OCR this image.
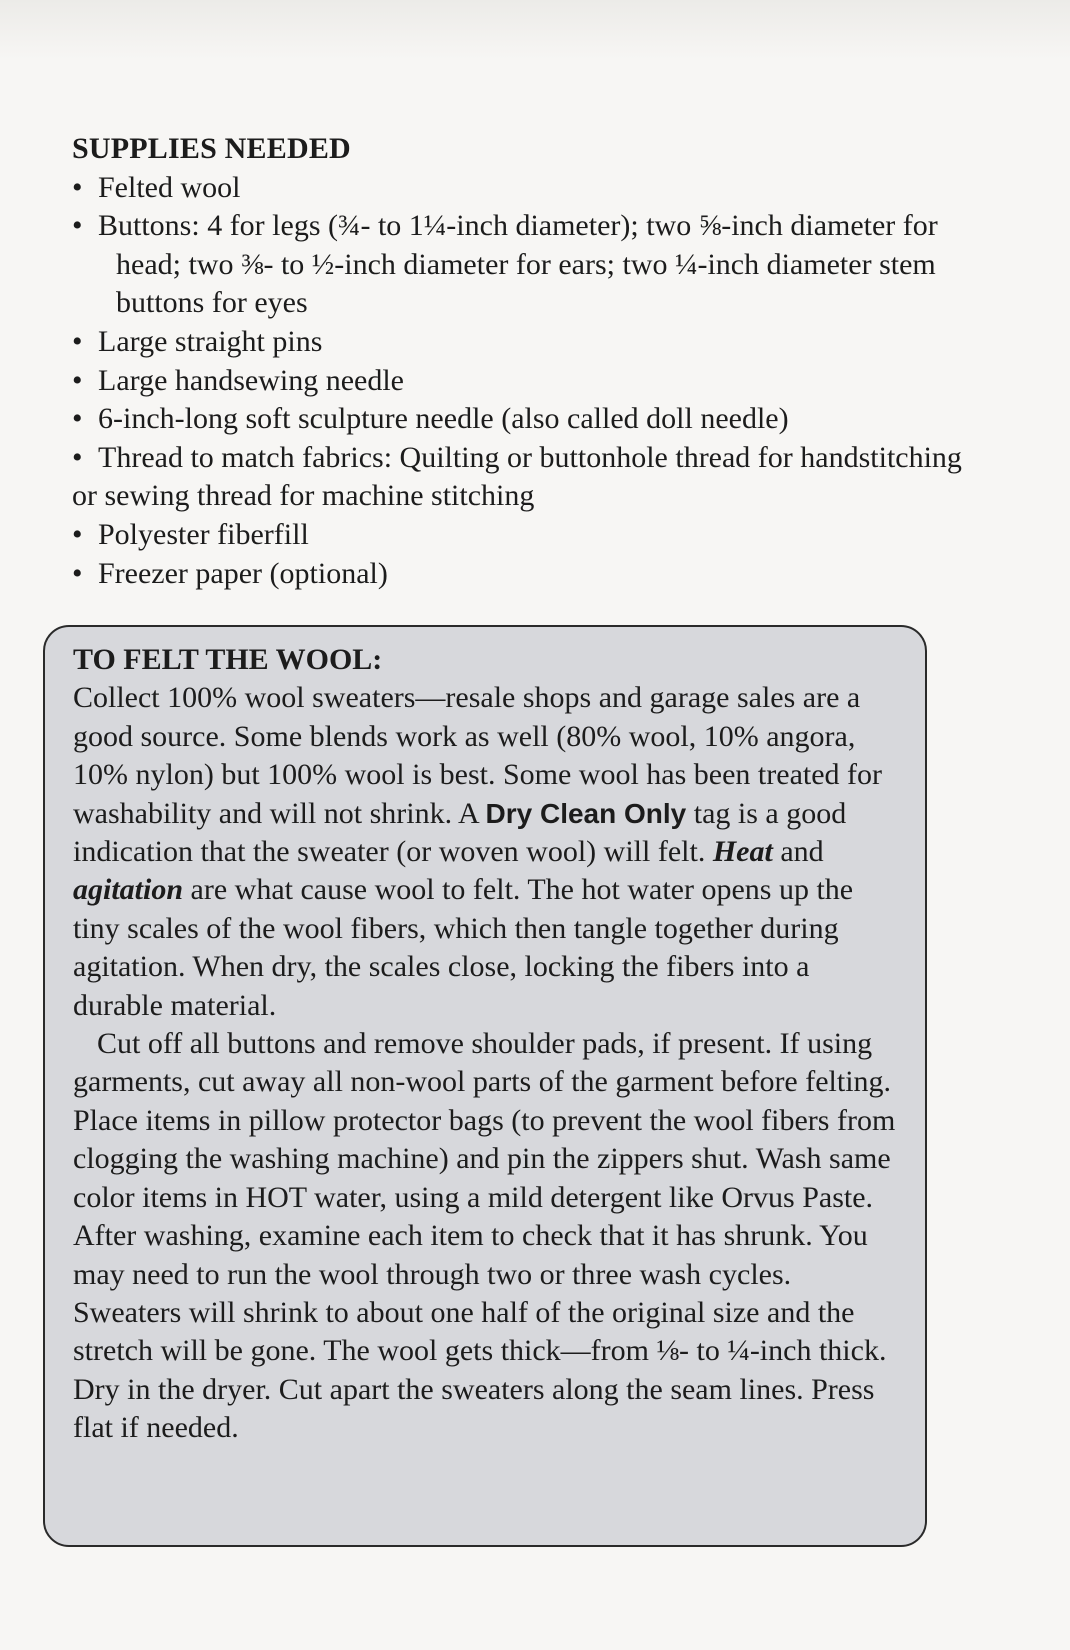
SUPPLIES NEEDED
• Felted wool
• Buttons: 4 for legs (¾- to 1¼-inch diameter); two ⅝-inch diameter for head; two ⅜- to ½-inch diameter for ears; two ¼-inch diameter stem buttons for eyes
• Large straight pins
• Large handsewing needle
• 6-inch-long soft sculpture needle (also called doll needle)
• Thread to match fabrics: Quilting or buttonhole thread for handstitching or sewing thread for machine stitching
• Polyester fiberfill
• Freezer paper (optional)
TO FELT THE WOOL:

Collect 100% wool sweaters—resale shops and garage sales are a good source. Some blends work as well (80% wool, 10% angora, 10% nylon) but 100% wool is best. Some wool has been treated for washability and will not shrink. A Dry Clean Only tag is a good indication that the sweater (or woven wool) will felt. Heat and agitation are what cause wool to felt. The hot water opens up the tiny scales of the wool fibers, which then tangle together during agitation. When dry, the scales close, locking the fibers into a durable material.

Cut off all buttons and remove shoulder pads, if present. If using garments, cut away all non-wool parts of the garment before felting. Place items in pillow protector bags (to prevent the wool fibers from clogging the washing machine) and pin the zippers shut. Wash same color items in HOT water, using a mild detergent like Orvus Paste. After washing, examine each item to check that it has shrunk. You may need to run the wool through two or three wash cycles. Sweaters will shrink to about one half of the original size and the stretch will be gone. The wool gets thick—from ⅛- to ¼-inch thick. Dry in the dryer. Cut apart the sweaters along the seam lines. Press flat if needed.
